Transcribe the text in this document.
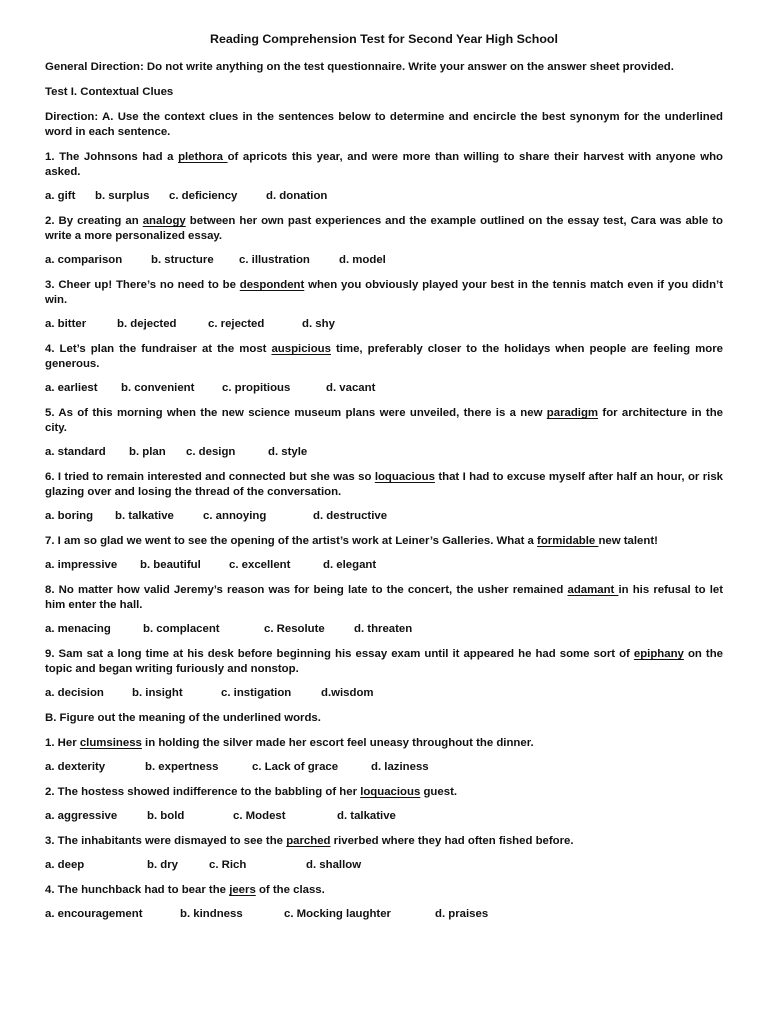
Reading Comprehension Test for Second Year High School
General Direction: Do not write anything on the test questionnaire. Write your answer on the answer sheet provided.
Test I. Contextual Clues
Direction: A. Use the context clues in the sentences below to determine and encircle the best synonym for the underlined word in each sentence.
1. The Johnsons had a plethora of apricots this year, and were more than willing to share their harvest with anyone who asked.
a. gift	b. surplus	c. deficiency	d. donation
2. By creating an analogy between her own past experiences and the example outlined on the essay test, Cara was able to write a more personalized essay.
a. comparison	b. structure	c. illustration	d. model
3. Cheer up! There’s no need to be despondent when you obviously played your best in the tennis match even if you didn’t win.
a. bitter	b. dejected	c. rejected	d. shy
4. Let’s plan the fundraiser at the most auspicious time, preferably closer to the holidays when people are feeling more generous.
a. earliest	b. convenient	c. propitious	d. vacant
5. As of this morning when the new science museum plans were unveiled, there is a new paradigm for architecture in the city.
a. standard	b. plan	c. design	d. style
6. I tried to remain interested and connected but she was so loquacious that I had to excuse myself after half an hour, or risk glazing over and losing the thread of the conversation.
a. boring	b. talkative	c. annoying	d. destructive
7. I am so glad we went to see the opening of the artist’s work at Leiner’s Galleries. What a formidable new talent!
a. impressive	b. beautiful	c. excellent	d. elegant
8. No matter how valid Jeremy’s reason was for being late to the concert, the usher remained adamant in his refusal to let him enter the hall.
a. menacing	b. complacent	c. Resolute	d. threaten
9. Sam sat a long time at his desk before beginning his essay exam until it appeared he had some sort of epiphany on the topic and began writing furiously and nonstop.
a. decision	b. insight	c. instigation	d.wisdom
B. Figure out the meaning of the underlined words.
1. Her clumsiness in holding the silver made her escort feel uneasy throughout the dinner.
a. dexterity	b. expertness	c. Lack of grace	d. laziness
2. The hostess showed indifference to the babbling of her loquacious guest.
a. aggressive	b. bold	c. Modest	d. talkative
3. The inhabitants were dismayed to see the parched riverbed where they had often fished before.
a. deep	b. dry	c. Rich	d. shallow
4. The hunchback had to bear the jeers of the class.
a. encouragement	b. kindness	c. Mocking laughter	d. praises
